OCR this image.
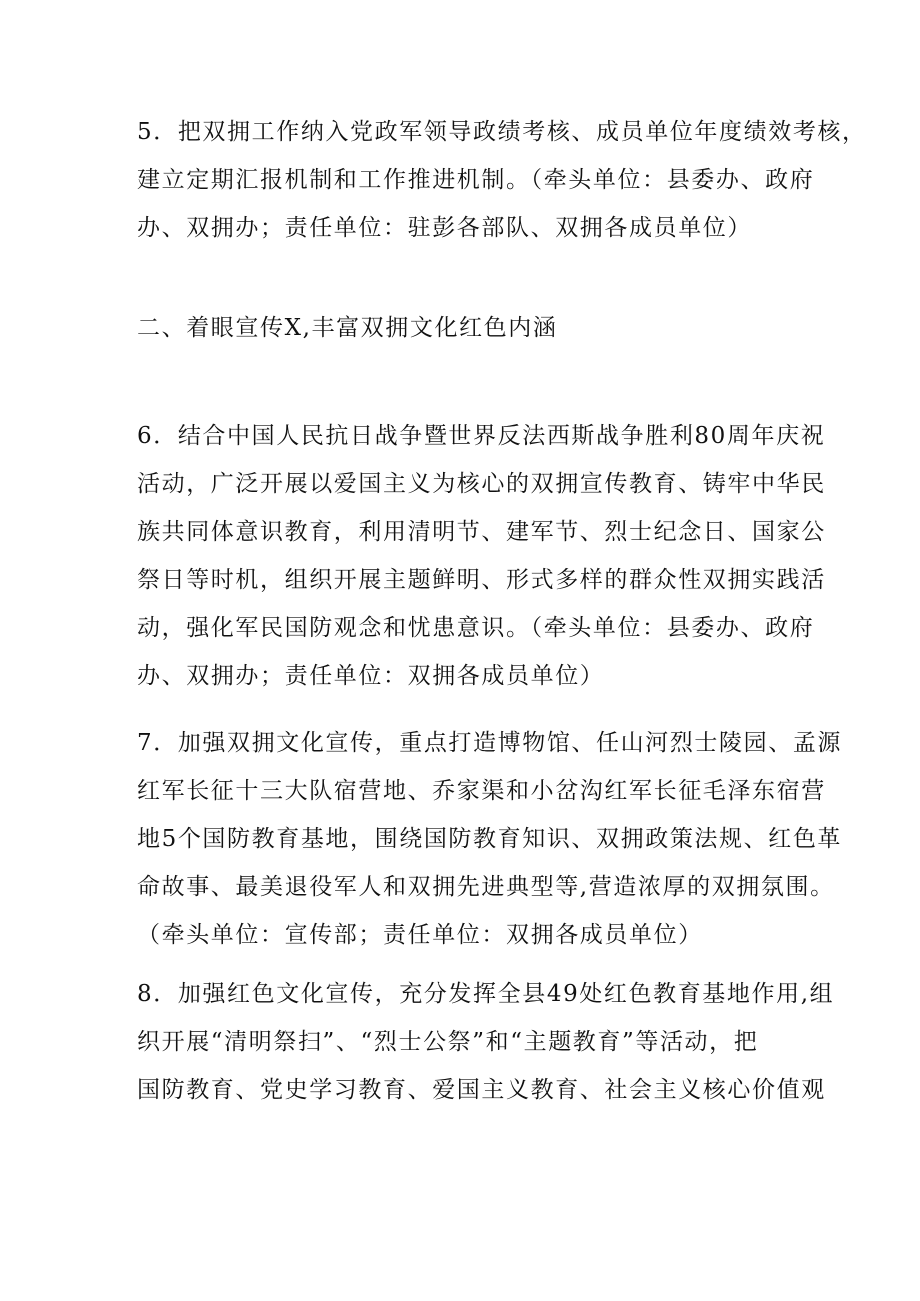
5．把双拥工作纳入党政军领导政绩考核、成员单位年度绩效考核，
建立定期汇报机制和工作推进机制。（牵头单位：县委办、政府
办、双拥办；责任单位：驻彭各部队、双拥各成员单位）

二、着眼宣传X,丰富双拥文化红色内涵

6．结合中国人民抗日战争暨世界反法西斯战争胜利80周年庆祝
活动，广泛开展以爱国主义为核心的双拥宣传教育、铸牢中华民
族共同体意识教育，利用清明节、建军节、烈士纪念日、国家公
祭日等时机，组织开展主题鲜明、形式多样的群众性双拥实践活
动，强化军民国防观念和忧患意识。（牵头单位：县委办、政府
办、双拥办；责任单位：双拥各成员单位）

7．加强双拥文化宣传，重点打造博物馆、任山河烈士陵园、孟源
红军长征十三大队宿营地、乔家渠和小岔沟红军长征毛泽东宿营
地5个国防教育基地，围绕国防教育知识、双拥政策法规、红色革
命故事、最美退役军人和双拥先进典型等,营造浓厚的双拥氛围。
（牵头单位：宣传部；责任单位：双拥各成员单位）

8．加强红色文化宣传，充分发挥全县49处红色教育基地作用,组
织开展“清明祭扫”、“烈士公祭”和“主题教育”等活动，把
国防教育、党史学习教育、爱国主义教育、社会主义核心价值观
